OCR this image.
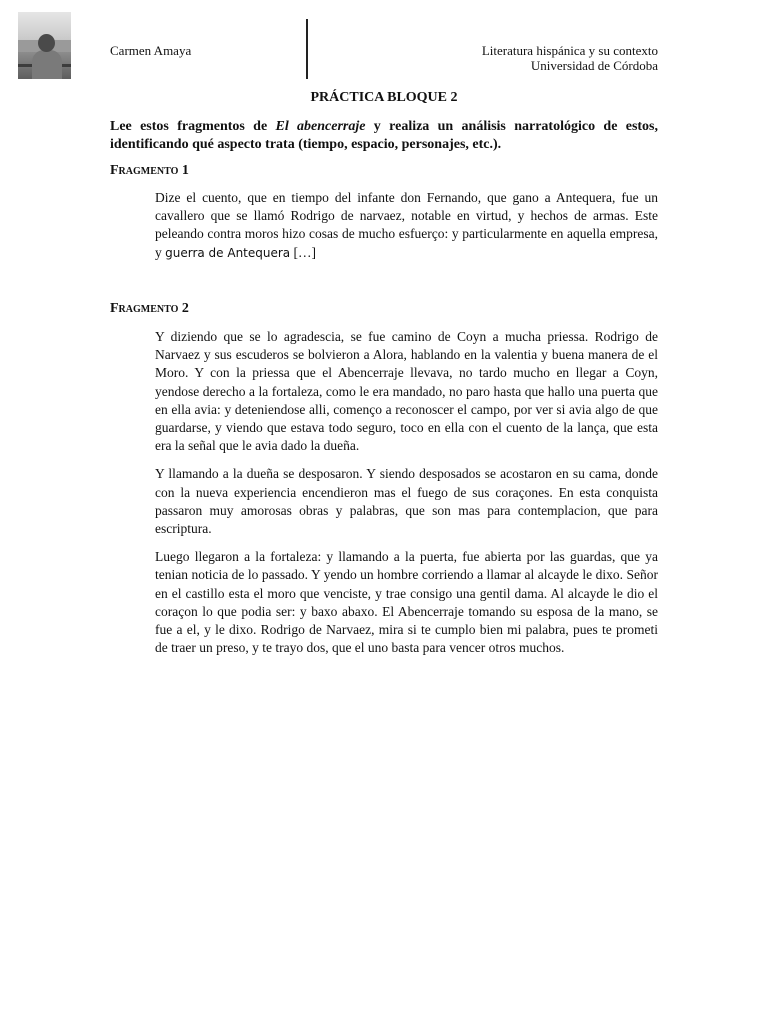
Carmen Amaya	Literatura hispánica y su contexto
Universidad de Córdoba
PRÁCTICA BLOQUE 2
Lee estos fragmentos de El abencerraje y realiza un análisis narratológico de estos, identificando qué aspecto trata (tiempo, espacio, personajes, etc.).
Fragmento 1

Dize el cuento, que en tiempo del infante don Fernando, que gano a Antequera, fue un cavallero que se llamó Rodrigo de narvaez, notable en virtud, y hechos de armas. Este peleando contra moros hizo cosas de mucho esfuerço: y particularmente en aquella empresa, y guerra de Antequera […]

Fragmento 2

Y diziendo que se lo agradescia, se fue camino de Coyn a mucha priessa. Rodrigo de Narvaez y sus escuderos se bolvieron a Alora, hablando en la valentia y buena manera de el Moro. Y con la priessa que el Abencerraje llevava, no tardo mucho en llegar a Coyn, yendose derecho a la fortaleza, como le era mandado, no paro hasta que hallo una puerta que en ella avia: y deteniendose alli, començo a reconoscer el campo, por ver si avia algo de que guardarse, y viendo que estava todo seguro, toco en ella con el cuento de la lança, que esta era la señal que le avia dado la dueña.

Y llamando a la dueña se desposaron. Y siendo desposados se acostaron en su cama, donde con la nueva experiencia encendieron mas el fuego de sus coraçones. En esta conquista passaron muy amorosas obras y palabras, que son mas para contemplacion, que para escriptura.

Luego llegaron a la fortaleza: y llamando a la puerta, fue abierta por las guardas, que ya tenian noticia de lo passado. Y yendo un hombre corriendo a llamar al alcayde le dixo. Señor en el castillo esta el moro que venciste, y trae consigo una gentil dama. Al alcayde le dio el coraçon lo que podia ser: y baxo abaxo. El Abencerraje tomando su esposa de la mano, se fue a el, y le dixo. Rodrigo de Narvaez, mira si te cumplo bien mi palabra, pues te prometi de traer un preso, y te trayo dos, que el uno basta para vencer otros muchos.
